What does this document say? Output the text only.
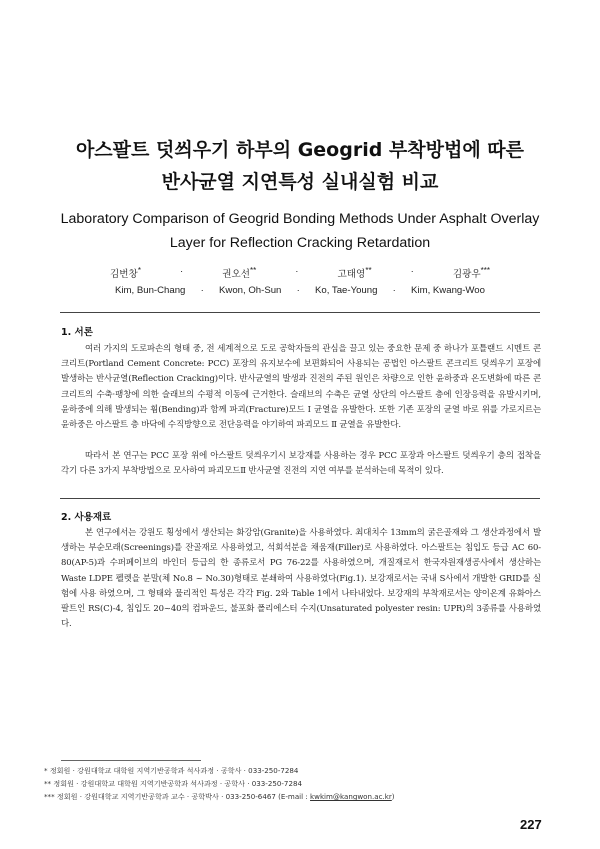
아스팔트 덧씌우기 하부의 Geogrid 부착방법에 따른
반사균열 지연특성 실내실험 비교
Laboratory Comparison of Geogrid Bonding Methods Under Asphalt Overlay
Layer for Reflection Cracking Retardation
김번창*	·	권오선**	·	고태영**	·	김광우***
Kim, Bun-Chang · Kwon, Oh-Sun · Ko, Tae-Young · Kim, Kwang-Woo
1. 서론

여러 가지의 도로파손의 형태 중, 전 세계적으로 도로 공학자들의 관심을 끌고 있는 중요한 문제 중 하나가 포틀랜드 시멘트 콘크리트(Portland Cement Concrete: PCC) 포장의 유지보수에 보편화되어 사용되는 공법인 아스팔트 콘크리트 덧씌우기 포장에 발생하는 반사균열(Reflection Cracking)이다. 반사균열의 발생과 진전의 주된 원인은 차량으로 인한 윤하중과 온도변화에 따른 콘크리트의 수축·팽창에 의한 슬래브의 수평적 이동에 근거한다. 슬래브의 수축은 균열 상단의 아스팔트 층에 인장응력을 유발시키며, 윤하중에 의해 발생되는 휨(Bending)과 함께 파괴(Fracture)모드 Ⅰ 균열을 유발한다. 또한 기존 포장의 균열 바로 위를 가로지르는 윤하중은 아스팔트 층 바닥에 수직방향으로 전단응력을 야기하여 파괴모드 Ⅱ 균열을 유발한다.

따라서 본 연구는 PCC 포장 위에 아스팔트 덧씌우기시 보강재를 사용하는 경우 PCC 포장과 아스팔트 덧씌우기 층의 접착을 각기 다른 3가지 부착방법으로 모사하여 파괴모드Ⅱ 반사균열 진전의 지연 여부를 분석하는데 목적이 있다.

2. 사용재료

본 연구에서는 강원도 횡성에서 생산되는 화강암(Granite)을 사용하였다. 최대치수 13mm의 굵은골재와 그 생산과정에서 발생하는 부순모래(Screenings)를 잔골재로 사용하였고, 석회석분을 채움재(Filler)로 사용하였다. 아스팔트는 침입도 등급 AC 60-80(AP-5)과 수퍼페이브의 바인더 등급의 한 종류로서 PG 76-22를 사용하였으며, 개질재로서 한국자원재생공사에서 생산하는 Waste LDPE 펠렛을 분말(체 No.8 ~ No.30)형태로 분쇄하여 사용하였다(Fig.1). 보강재로서는 국내 S사에서 개발한 GRID를 실험에 사용 하였으며, 그 형태와 물리적인 특성은 각각 Fig. 2와 Table 1에서 나타내었다. 보강재의 부착재로서는 양이온계 유화아스팔트인 RS(C)-4, 침입도 20~40의 컴파운드, 불포화 폴리에스터 수지(Unsaturated polyester resin: UPR)의 3종류를 사용하였다.

* 정회원 · 강원대학교 대학원 지역기반공학과 석사과정 · 공학사 · 033-250-7284
** 정회원 · 강원대학교 대학원 지역기반공학과 석사과정 · 공학사 · 033-250-7284
*** 정회원 · 강원대학교 지역기반공학과 교수 · 공학박사 · 033-250-6467 (E-mail : kwkim@kangwon.ac.kr)
227
